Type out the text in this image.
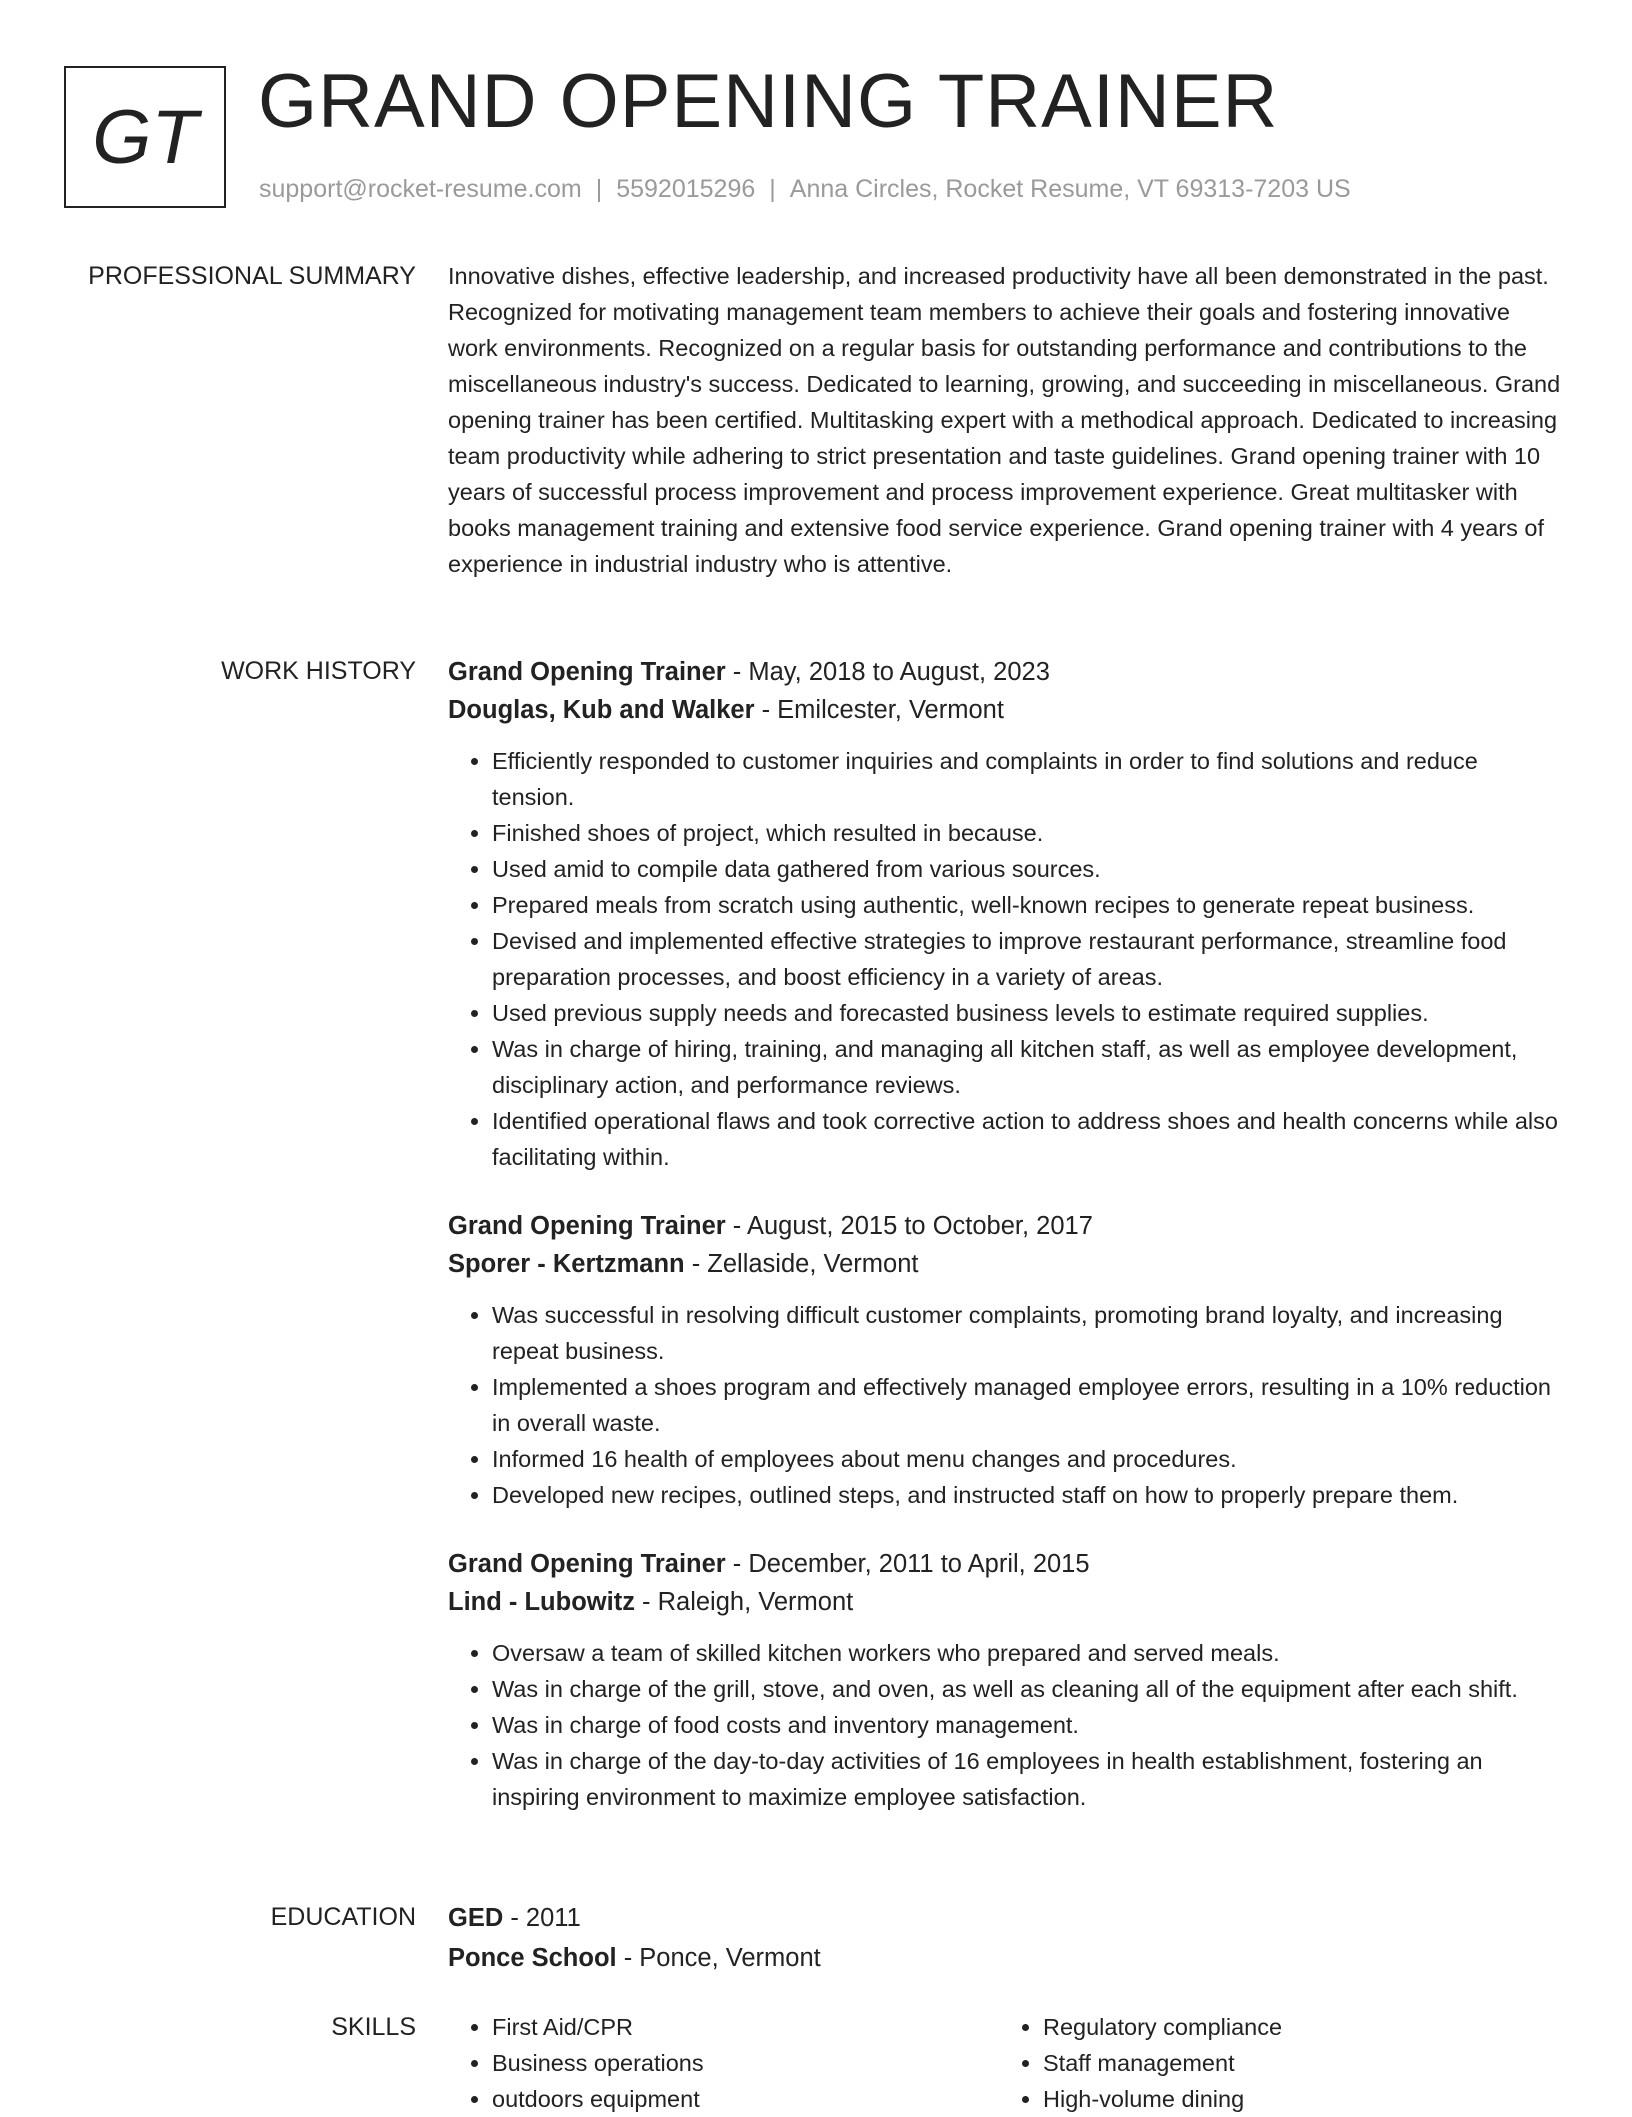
GT GRAND OPENING TRAINER
support@rocket-resume.com | 5592015296 | Anna Circles, Rocket Resume, VT 69313-7203 US
PROFESSIONAL SUMMARY Innovative dishes, effective leadership, and increased productivity have all been demonstrated in the past. Recognized for motivating management team members to achieve their goals and fostering innovative work environments. Recognized on a regular basis for outstanding performance and contributions to the miscellaneous industry's success. Dedicated to learning, growing, and succeeding in miscellaneous. Grand opening trainer has been certified. Multitasking expert with a methodical approach. Dedicated to increasing team productivity while adhering to strict presentation and taste guidelines. Grand opening trainer with 10 years of successful process improvement and process improvement experience. Great multitasker with books management training and extensive food service experience. Grand opening trainer with 4 years of experience in industrial industry who is attentive.

WORK HISTORY Grand Opening Trainer - May, 2018 to August, 2023

Douglas, Kub and Walker - Emilcester, Vermont

• Efficiently responded to customer inquiries and complaints in order to find solutions and reduce tension.
• Finished shoes of project, which resulted in because.
• Used amid to compile data gathered from various sources.
• Prepared meals from scratch using authentic, well-known recipes to generate repeat business.
• Devised and implemented effective strategies to improve restaurant performance, streamline food preparation processes, and boost efficiency in a variety of areas.
• Used previous supply needs and forecasted business levels to estimate required supplies.
• Was in charge of hiring, training, and managing all kitchen staff, as well as employee development, disciplinary action, and performance reviews.
• Identified operational flaws and took corrective action to address shoes and health concerns while also facilitating within.

Grand Opening Trainer - August, 2015 to October, 2017

Sporer - Kertzmann - Zellaside, Vermont

• Was successful in resolving difficult customer complaints, promoting brand loyalty, and increasing repeat business.
• Implemented a shoes program and effectively managed employee errors, resulting in a 10% reduction in overall waste.
• Informed 16 health of employees about menu changes and procedures.
• Developed new recipes, outlined steps, and instructed staff on how to properly prepare them.

Grand Opening Trainer - December, 2011 to April, 2015

Lind - Lubowitz - Raleigh, Vermont

• Oversaw a team of skilled kitchen workers who prepared and served meals.
• Was in charge of the grill, stove, and oven, as well as cleaning all of the equipment after each shift.
• Was in charge of food costs and inventory management.
• Was in charge of the day-to-day activities of 16 employees in health establishment, fostering an inspiring environment to maximize employee satisfaction.
EDUCATION GED - 2011

Ponce School - Ponce, Vermont

SKILLS
•	First Aid/CPR
• Business operations
• outdoors equipment
• Regulatory compliance
• Staff management
• High-volume dining
